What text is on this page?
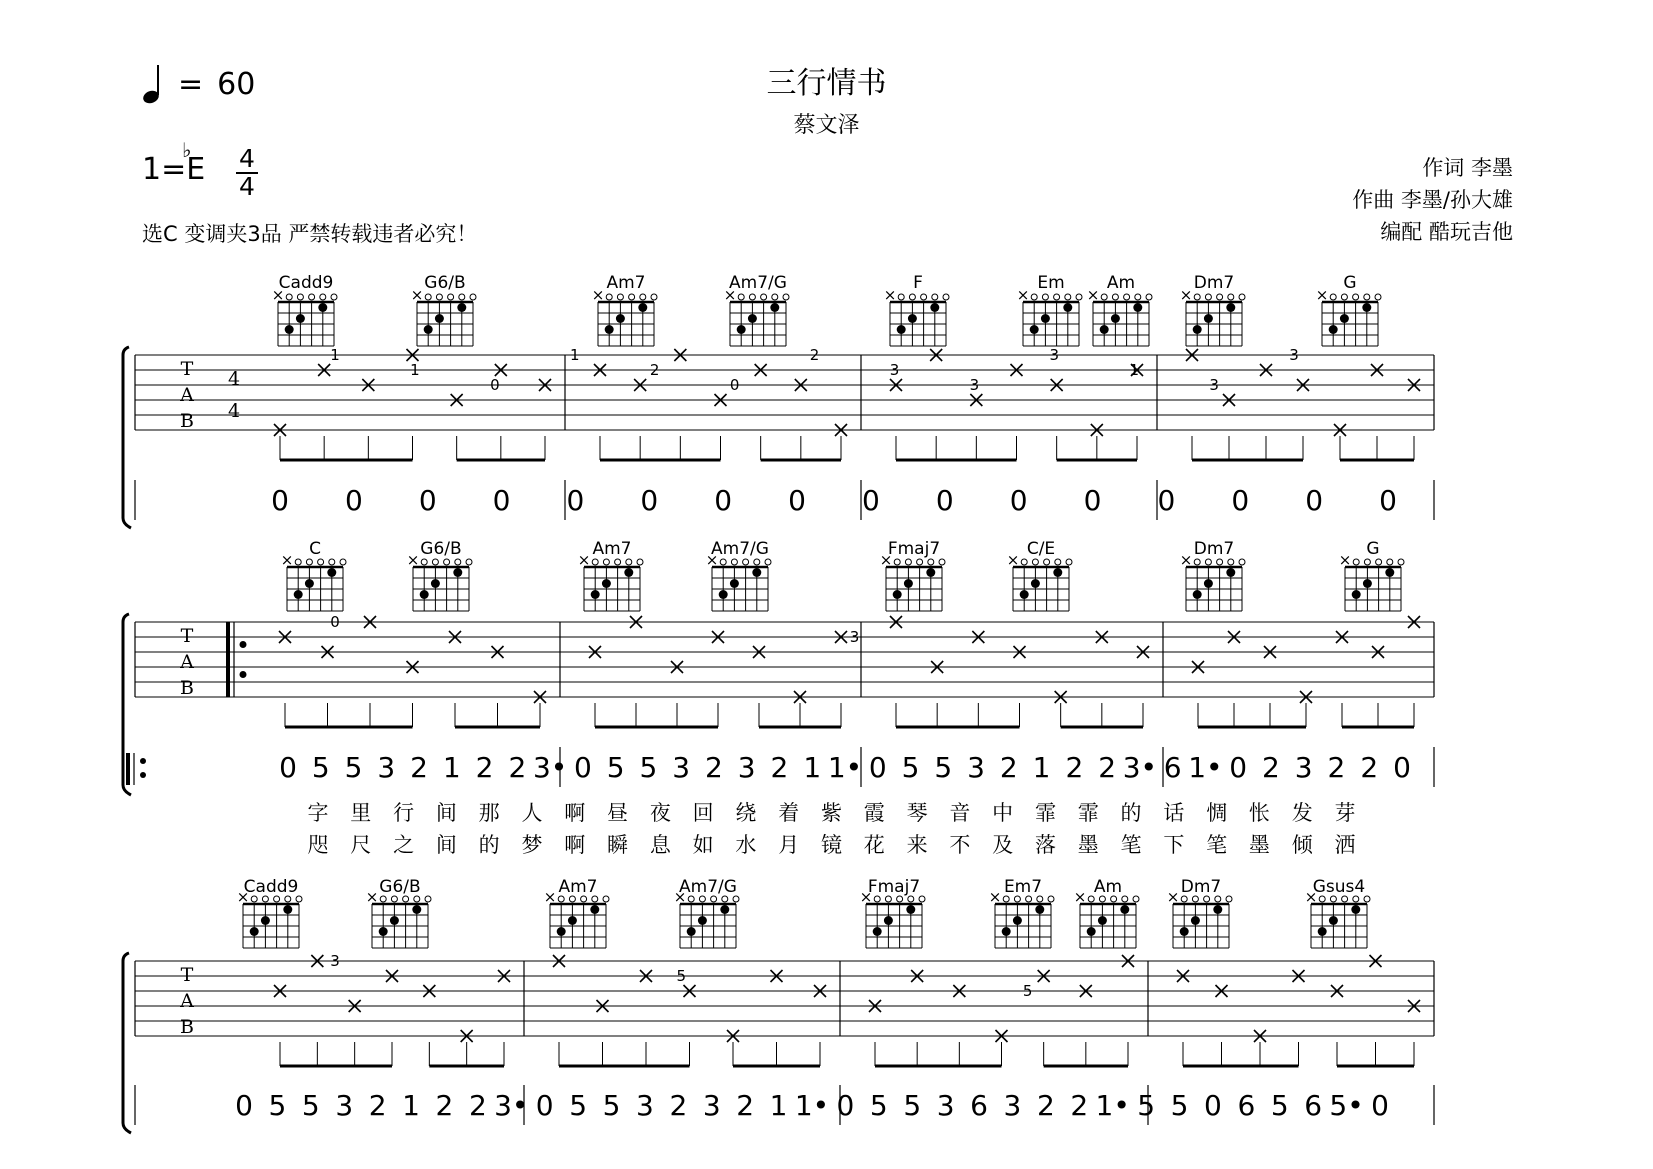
三行情书
蔡文泽
= 60
1=E
♭ 4
4
选C 变调夹3品 严禁转载违者必究！
作词 李墨
作曲 李墨/孙大雄
编配 酷玩吉他
T
A
B
4
4
Cadd9
×
G6/B
×
Am7
×
Am7/G
×
F
×
Em
×
Am
×
Dm7
×
G
×
1
1
0
1
2
0
2
3
3
3
1
3
3
0 0 0 0 0 0 0 0 0 0 0 0 0 0 0 0
T
A
B
C
×
G6/B
×
Am7
×
Am7/G
×
Fmaj7
×
C/E
×
Dm7
×
G
×
0
3
0 5 5 3 2 1 2 2 3• 0 5 5 3 2 3 2 1 1• 0 5 5 3 2 1 2 2 3• 6 1• 0 2 3 2 2 0
字 里 行 间 那 人 啊 昼 夜 回 绕 着 紫 霞 琴 音 中 霏 霏 的 话 惆 怅 发 芽
咫 尺 之 间 的 梦 啊 瞬 息 如 水 月 镜 花 来 不 及 落 墨 笔 下 笔 墨 倾 洒
T
A
B
Cadd9
×	G6/B
×	Am7
×	Am7/G
×	Fmaj7
×	Em7
×	Am
×	Dm7
×	Gsus4
×
3
5
5
0 5 5 3 2 1 2 2 3• 0 5 5 3 2 3 2 1 1• 0 5 5 3 6 3 2 2 1• 5 5 0 6 5 6 5• 0
